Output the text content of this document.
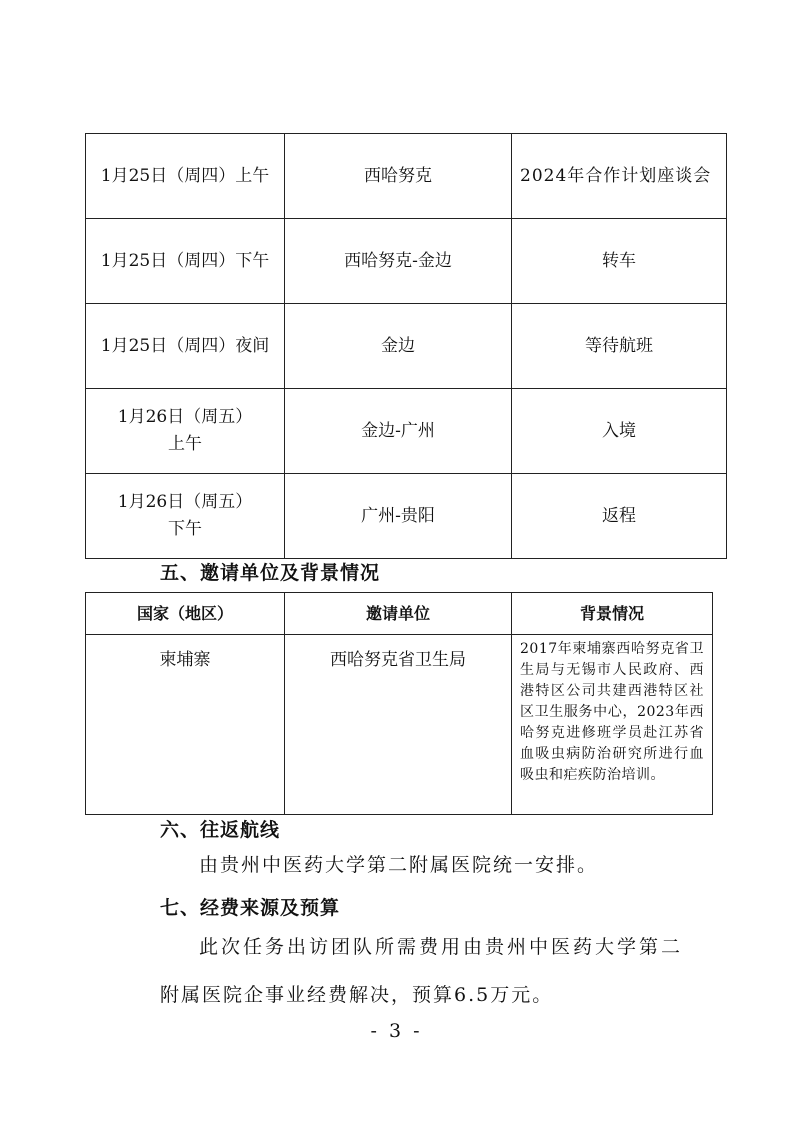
1月25日（周四）上午	西哈努克	2024年合作计划座谈会
1月25日（周四）下午	西哈努克-金边	转车
1月25日（周四）夜间	金边	等待航班

1月26日（周五）
上午	金边-广州	入境

1月26日（周五）
下午	广州-贵阳	返程
五、邀请单位及背景情况
国家（地区）	邀请单位	背景情况
柬埔寨	西哈努克省卫生局	2017年柬埔寨西哈努克省卫生局与无锡市人民政府、西港特区公司共建西港特区社区卫生服务中心，2023年西哈努克进修班学员赴江苏省血吸虫病防治研究所进行血吸虫和疟疾防治培训。
六、往返航线
由贵州中医药大学第二附属医院统一安排。
七、经费来源及预算
此次任务出访团队所需费用由贵州中医药大学第二
附属医院企事业经费解决，预算6.5万元。
- 3 -
